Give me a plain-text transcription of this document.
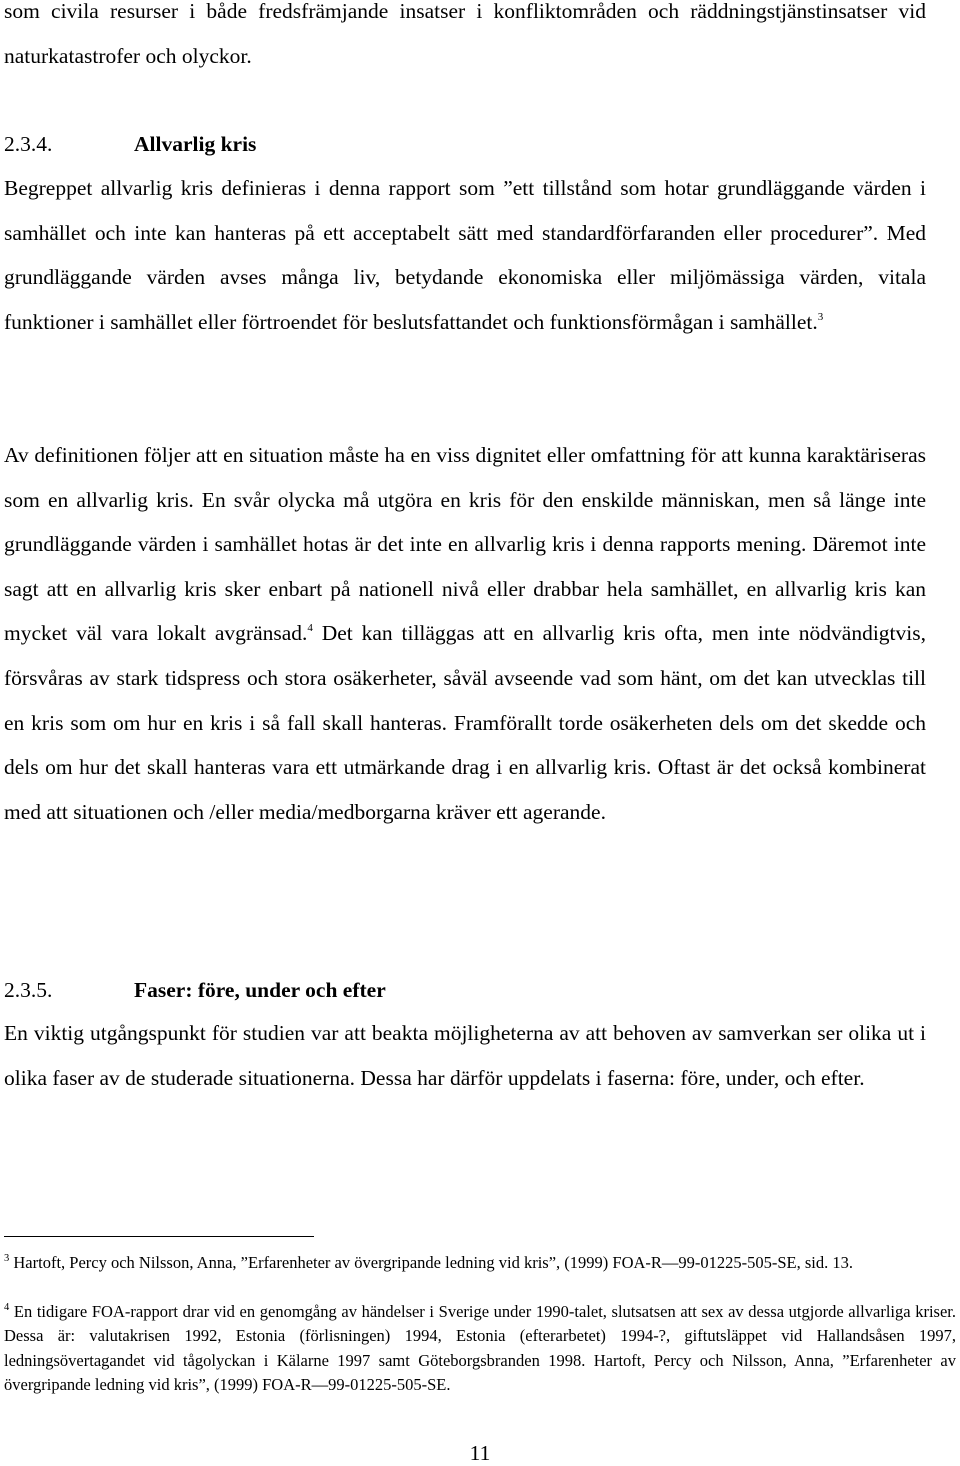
som civila resurser i både fredsfrämjande insatser i konfliktområden och räddningstjänstinsatser vid naturkatastrofer och olyckor.

2.3.4.	Allvarlig kris

Begreppet allvarlig kris definieras i denna rapport som ”ett tillstånd som hotar grundläggande värden i samhället och inte kan hanteras på ett acceptabelt sätt med standardförfaranden eller procedurer”. Med grundläggande värden avses många liv, betydande ekonomiska eller miljömässiga värden, vitala funktioner i samhället eller förtroendet för beslutsfattandet och funktionsförmågan i samhället.$^3$

Av definitionen följer att en situation måste ha en viss dignitet eller omfattning för att kunna karaktäriseras som en allvarlig kris. En svår olycka må utgöra en kris för den enskilde människan, men så länge inte grundläggande värden i samhället hotas är det inte en allvarlig kris i denna rapports mening. Däremot inte sagt att en allvarlig kris sker enbart på nationell nivå eller drabbar hela samhället, en allvarlig kris kan mycket väl vara lokalt avgränsad.$^4$ Det kan tilläggas att en allvarlig kris ofta, men inte nödvändigtvis, försvåras av stark tidspress och stora osäkerheter, såväl avseende vad som hänt, om det kan utvecklas till en kris som om hur en kris i så fall skall hanteras. Framförallt torde osäkerheten dels om det skedde och dels om hur det skall hanteras vara ett utmärkande drag i en allvarlig kris. Oftast är det också kombinerat med att situationen och /eller media/medborgarna kräver ett agerande.

2.3.5.	Faser: före, under och efter

En viktig utgångspunkt för studien var att beakta möjligheterna av att behoven av samverkan ser olika ut i olika faser av de studerade situationerna. Dessa har därför uppdelats i faserna: före, under, och efter.

$^3$ Hartoft, Percy och Nilsson, Anna, ”Erfarenheter av övergripande ledning vid kris”, (1999) FOA-R—99-01225-505-SE, sid. 13.

$^4$ En tidigare FOA-rapport drar vid en genomgång av händelser i Sverige under 1990-talet, slutsatsen att sex av dessa utgjorde allvarliga kriser. Dessa är: valutakrisen 1992, Estonia (förlisningen) 1994, Estonia (efterarbetet) 1994-?, giftutsläppet vid Hallandsåsen 1997, ledningsövertagandet vid tågolyckan i Kälarne 1997 samt Göteborgsbranden 1998. Hartoft, Percy och Nilsson, Anna, ”Erfarenheter av övergripande ledning vid kris”, (1999) FOA-R—99-01225-505-SE.

11
